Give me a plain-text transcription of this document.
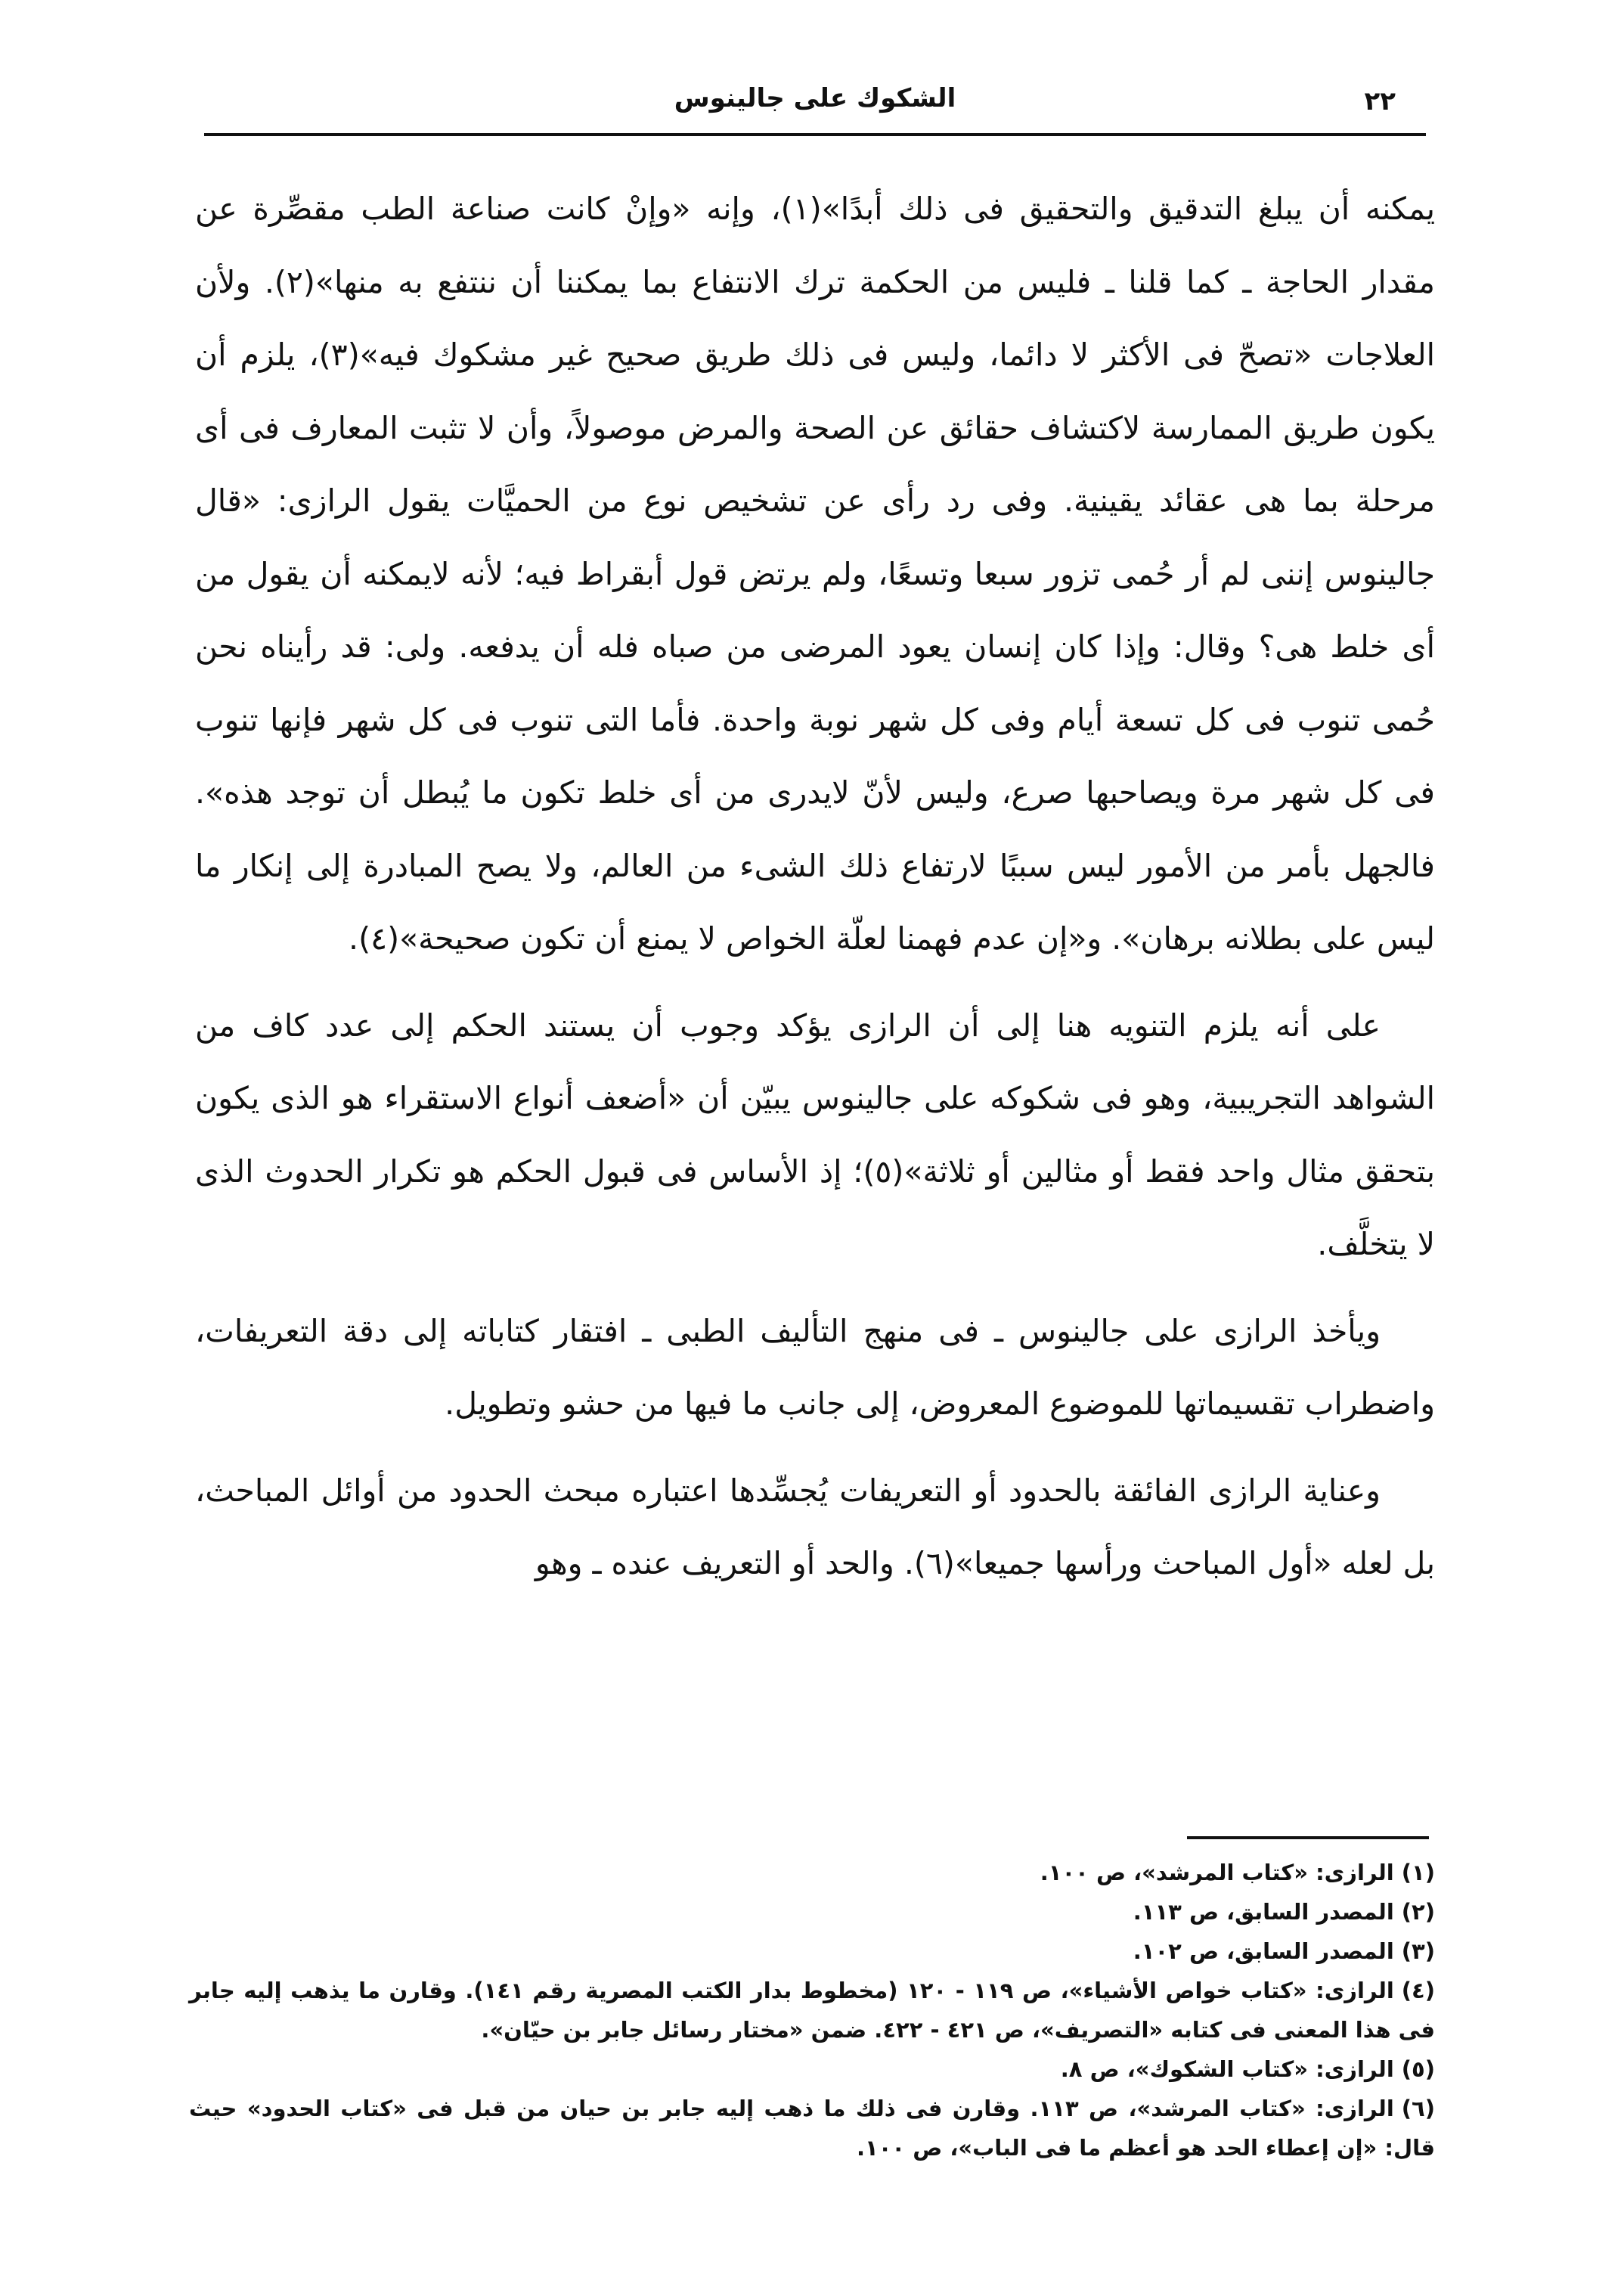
٢٢
الشكوك على جالينوس

يمكنه أن يبلغ التدقيق والتحقيق فى ذلك أبدًا»(١)، وإنه «وإنْ كانت صناعة الطب مقصِّرة عن مقدار الحاجة ـ كما قلنا ـ فليس من الحكمة ترك الانتفاع بما يمكننا أن ننتفع به منها»(٢). ولأن العلاجات «تصحّ فى الأكثر لا دائما، وليس فى ذلك طريق صحيح غير مشكوك فيه»(٣)، يلزم أن يكون طريق الممارسة لاكتشاف حقائق عن الصحة والمرض موصولاً، وأن لا تثبت المعارف فى أى مرحلة بما هى عقائد يقينية. وفى رد رأى عن تشخيص نوع من الحميَّات يقول الرازى: «قال جالينوس إننى لم أر حُمى تزور سبعا وتسعًا، ولم يرتض قول أبقراط فيه؛ لأنه لايمكنه أن يقول من أى خلط هى؟ وقال: وإذا كان إنسان يعود المرضى من صباه فله أن يدفعه. ولى: قد رأيناه نحن حُمى تنوب فى كل تسعة أيام وفى كل شهر نوبة واحدة. فأما التى تنوب فى كل شهر فإنها تنوب فى كل شهر مرة ويصاحبها صرع، وليس لأنّ لايدرى من أى خلط تكون ما يُبطل أن توجد هذه». فالجهل بأمر من الأمور ليس سببًا لارتفاع ذلك الشىء من العالم، ولا يصح المبادرة إلى إنكار ما ليس على بطلانه برهان». و«إن عدم فهمنا لعلّة الخواص لا يمنع أن تكون صحيحة»(٤).

على أنه يلزم التنويه هنا إلى أن الرازى يؤكد وجوب أن يستند الحكم إلى عدد كاف من الشواهد التجريبية، وهو فى شكوكه على جالينوس يبيّن أن «أضعف أنواع الاستقراء هو الذى يكون بتحقق مثال واحد فقط أو مثالين أو ثلاثة»(٥)؛ إذ الأساس فى قبول الحكم هو تكرار الحدوث الذى لا يتخلَّف.

ويأخذ الرازى على جالينوس ـ فى منهج التأليف الطبى ـ افتقار كتاباته إلى دقة التعريفات، واضطراب تقسيماتها للموضوع المعروض، إلى جانب ما فيها من حشو وتطويل.

وعناية الرازى الفائقة بالحدود أو التعريفات يُجسِّدها اعتباره مبحث الحدود من أوائل المباحث، بل لعله «أول المباحث ورأسها جميعا»(٦). والحد أو التعريف عنده ـ وهو

(١)الرازى: «كتاب المرشد»، ص ١٠٠.

(٢)المصدر السابق، ص ١١٣.

(٣)المصدر السابق، ص ١٠٢.

(٤)الرازى: «كتاب خواص الأشياء»، ص ١١٩ - ١٢٠ (مخطوط بدار الكتب المصرية رقم ١٤١). وقارن ما يذهب إليه جابر فى هذا المعنى فى كتابه «التصريف»، ص ٤٢١ - ٤٢٢. ضمن «مختار رسائل جابر بن حيّان».

(٥)الرازى: «كتاب الشكوك»، ص ٨.

(٦)الرازى: «كتاب المرشد»، ص ١١٣. وقارن فى ذلك ما ذهب إليه جابر بن حيان من قبل فى «كتاب الحدود» حيث قال: «إن إعطاء الحد هو أعظم ما فى الباب»، ص ١٠٠.
